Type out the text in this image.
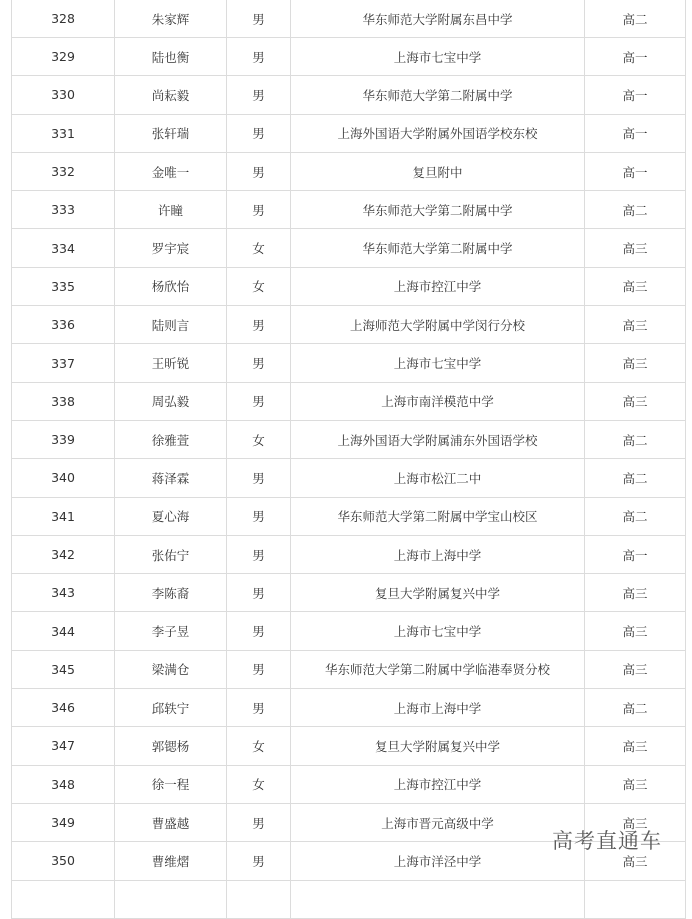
328	朱家辉	男	华东师范大学附属东昌中学	高二
329	陆也衡	男	上海市七宝中学	高一
330	尚耘毅	男	华东师范大学第二附属中学	高一
331	张轩瑞	男	上海外国语大学附属外国语学校东校	高一
332	金唯一	男	复旦附中	高一
333	许瞳	男	华东师范大学第二附属中学	高二
334	罗宇宸	女	华东师范大学第二附属中学	高三
335	杨欣怡	女	上海市控江中学	高三
336	陆则言	男	上海师范大学附属中学闵行分校	高三
337	王昕锐	男	上海市七宝中学	高三
338	周弘毅	男	上海市南洋模范中学	高三
339	徐雅萱	女	上海外国语大学附属浦东外国语学校	高二
340	蒋泽霖	男	上海市松江二中	高二
341	夏心海	男	华东师范大学第二附属中学宝山校区	高二
342	张佑宁	男	上海市上海中学	高一
343	李陈裔	男	复旦大学附属复兴中学	高三
344	李子昱	男	上海市七宝中学	高三
345	梁满仓	男	华东师范大学第二附属中学临港奉贤分校	高三
346	邱轶宁	男	上海市上海中学	高二
347	郭锶杨	女	复旦大学附属复兴中学	高三
348	徐一程	女	上海市控江中学	高三
349	曹盛越	男	上海市晋元高级中学	高三
350	曹维熠	男	上海市洋泾中学	高三

高考直通车
